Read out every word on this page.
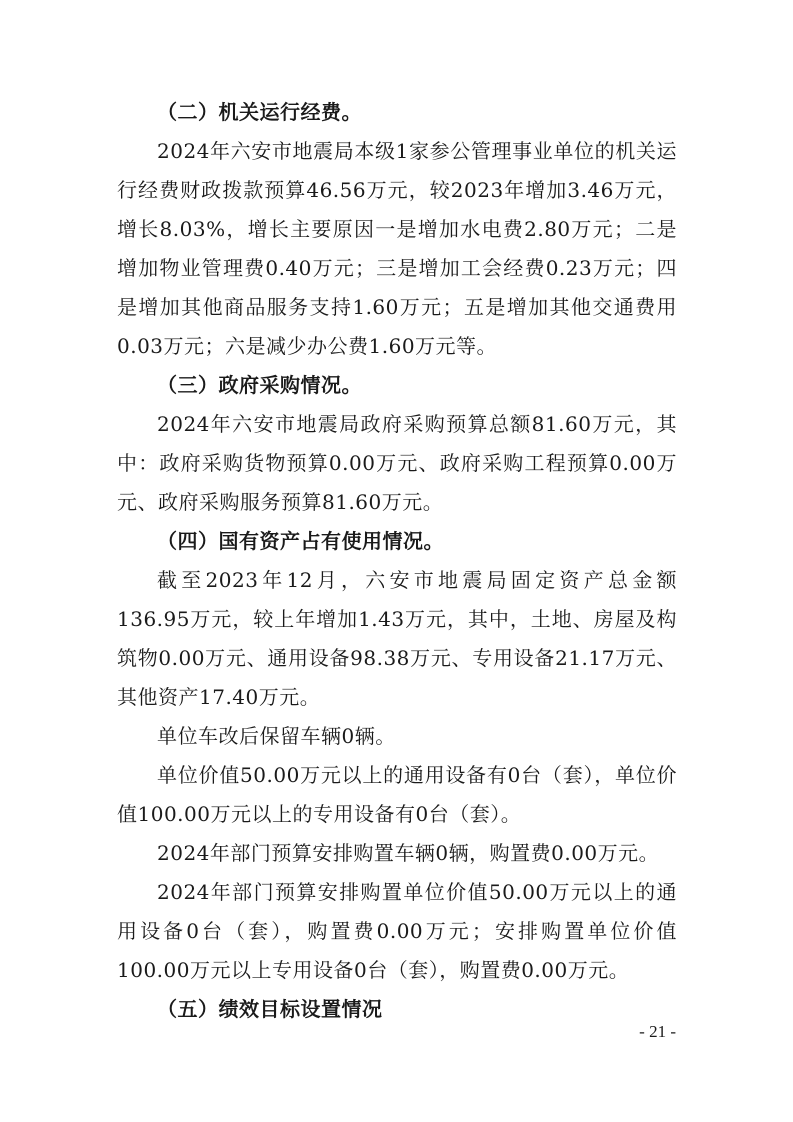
（二）机关运行经费。

2024年六安市地震局本级1家参公管理事业单位的机关运行经费财政拨款预算46.56万元，较2023年增加3.46万元，增长8.03%，增长主要原因一是增加水电费2.80万元；二是增加物业管理费0.40万元；三是增加工会经费0.23万元；四是增加其他商品服务支持1.60万元；五是增加其他交通费用0.03万元；六是减少办公费1.60万元等。

（三）政府采购情况。

2024年六安市地震局政府采购预算总额81.60万元，其中：政府采购货物预算0.00万元、政府采购工程预算0.00万元、政府采购服务预算81.60万元。

（四）国有资产占有使用情况。

截至2023年12月，六安市地震局固定资产总金额136.95万元，较上年增加1.43万元，其中，土地、房屋及构筑物0.00万元、通用设备98.38万元、专用设备21.17万元、其他资产17.40万元。

单位车改后保留车辆0辆。

单位价值50.00万元以上的通用设备有0台（套），单位价值100.00万元以上的专用设备有0台（套）。

2024年部门预算安排购置车辆0辆，购置费0.00万元。

2024年部门预算安排购置单位价值50.00万元以上的通用设备0台（套），购置费0.00万元；安排购置单位价值100.00万元以上专用设备0台（套），购置费0.00万元。

（五）绩效目标设置情况

- 21 -
